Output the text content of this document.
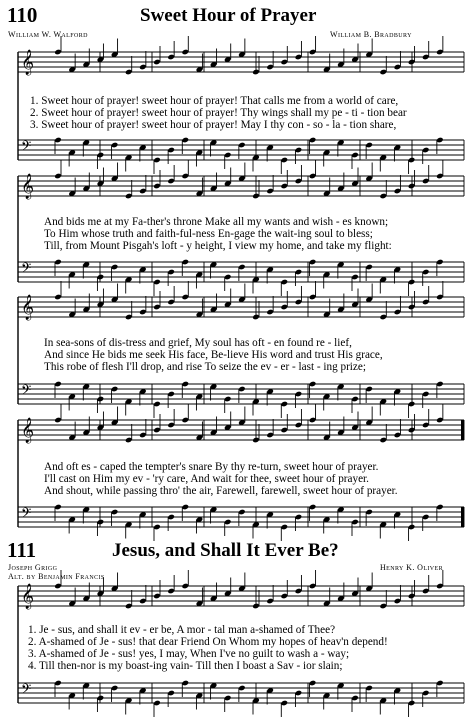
𝄞
𝄢
𝄞
𝄢
𝄞
𝄢
𝄞
𝄢
𝄞
𝄢
110	Sweet Hour of Prayer
William W. Walford	William B. Bradbury
1. Sweet hour of prayer! sweet hour of prayer! That calls me from a world of care,
2. Sweet hour of prayer! sweet hour of prayer! Thy wings shall my pe - ti - tion bear
3. Sweet hour of prayer! sweet hour of prayer! May I thy con - so - la - tion share,
And bids me at my Fa-ther's throne Make all my wants and wish - es known;
To Him whose truth and faith-ful-ness En-gage the wait-ing soul to bless;
Till, from Mount Pisgah's loft - y height, I view my home, and take my flight:
In sea-sons of dis-tress and grief, My soul has oft - en found re - lief,
And since He bids me seek His face, Be-lieve His word and trust His grace,
This robe of flesh I'll drop, and rise To seize the ev - er - last - ing prize;
And oft es - caped the tempter's snare By thy re-turn, sweet hour of prayer.
I'll cast on Him my ev - 'ry care, And wait for thee, sweet hour of prayer.
And shout, while passing thro' the air, Farewell, farewell, sweet hour of prayer.
111	Jesus, and Shall It Ever Be?
Joseph Grigg
Alt. by Benjamin Francis
Henry K. Oliver
1. Je - sus, and shall it ev - er be, A mor - tal man a-shamed of Thee?
2. A-shamed of Je - sus! that dear Friend On Whom my hopes of heav'n depend!
3. A-shamed of Je - sus! yes, I may, When I've no guilt to wash a - way;
4. Till then-nor is my boast-ing vain- Till then I boast a Sav - ior slain;
